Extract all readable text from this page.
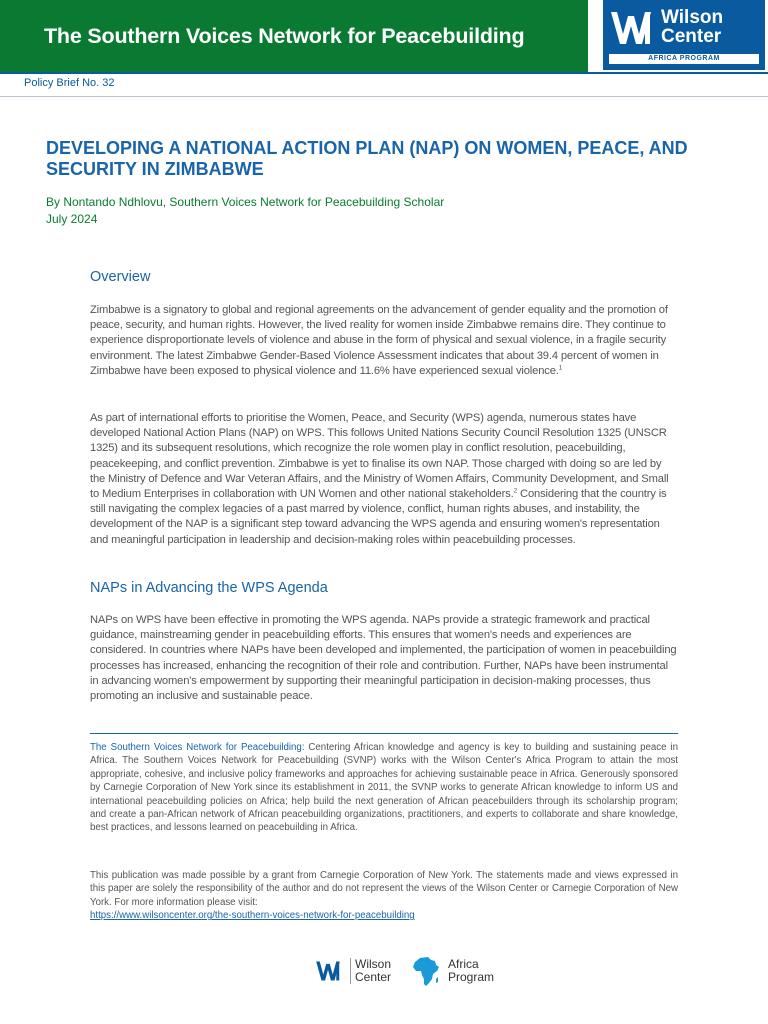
The Southern Voices Network for Peacebuilding
Wilson
Center
AFRICA PROGRAM
Policy Brief No. 32
DEVELOPING A NATIONAL ACTION PLAN (NAP) ON WOMEN, PEACE, AND SECURITY IN ZIMBABWE
By Nontando Ndhlovu, Southern Voices Network for Peacebuilding Scholar
July 2024
Overview

Zimbabwe is a signatory to global and regional agreements on the advancement of gender equality and the promotion of peace, security, and human rights. However, the lived reality for women inside Zimbabwe remains dire. They continue to experience disproportionate levels of violence and abuse in the form of physical and sexual violence, in a fragile security environment. The latest Zimbabwe Gender-Based Violence Assessment indicates that about 39.4 percent of women in Zimbabwe have been exposed to physical violence and 11.6% have experienced sexual violence.$^1$

As part of international efforts to prioritise the Women, Peace, and Security (WPS) agenda, numerous states have developed National Action Plans (NAP) on WPS. This follows United Nations Security Council Resolution 1325 (UNSCR 1325) and its subsequent resolutions, which recognize the role women play in conflict resolution, peacebuilding, peacekeeping, and conflict prevention. Zimbabwe is yet to finalise its own NAP. Those charged with doing so are led by the Ministry of Defence and War Veteran Affairs, and the Ministry of Women Affairs, Community Development, and Small to Medium Enterprises in collaboration with UN Women and other national stakeholders.$^2$ Considering that the country is still navigating the complex legacies of a past marred by violence, conflict, human rights abuses, and instability, the development of the NAP is a significant step toward advancing the WPS agenda and ensuring women's representation and meaningful participation in leadership and decision-making roles within peacebuilding processes.

NAPs in Advancing the WPS Agenda

NAPs on WPS have been effective in promoting the WPS agenda. NAPs provide a strategic framework and practical guidance, mainstreaming gender in peacebuilding efforts. This ensures that women's needs and experiences are considered. In countries where NAPs have been developed and implemented, the participation of women in peacebuilding processes has increased, enhancing the recognition of their role and contribution. Further, NAPs have been instrumental in advancing women's empowerment by supporting their meaningful participation in decision-making processes, thus promoting an inclusive and sustainable peace.

The Southern Voices Network for Peacebuilding: Centering African knowledge and agency is key to building and sustaining peace in Africa. The Southern Voices Network for Peacebuilding (SVNP) works with the Wilson Center's Africa Program to attain the most appropriate, cohesive, and inclusive policy frameworks and approaches for achieving sustainable peace in Africa. Generously sponsored by Carnegie Corporation of New York since its establishment in 2011, the SVNP works to generate African knowledge to inform US and international peacebuilding policies on Africa; help build the next generation of African peacebuilders through its scholarship program; and create a pan-African network of African peacebuilding organizations, practitioners, and experts to collaborate and share knowledge, best practices, and lessons learned on peacebuilding in Africa.

This publication was made possible by a grant from Carnegie Corporation of New York. The statements made and views expressed in this paper are solely the responsibility of the author and do not represent the views of the Wilson Center or Carnegie Corporation of New York. For more information please visit:
https://www.wilsoncenter.org/the-southern-voices-network-for-peacebuilding

Wilson
Center
Africa
Program
